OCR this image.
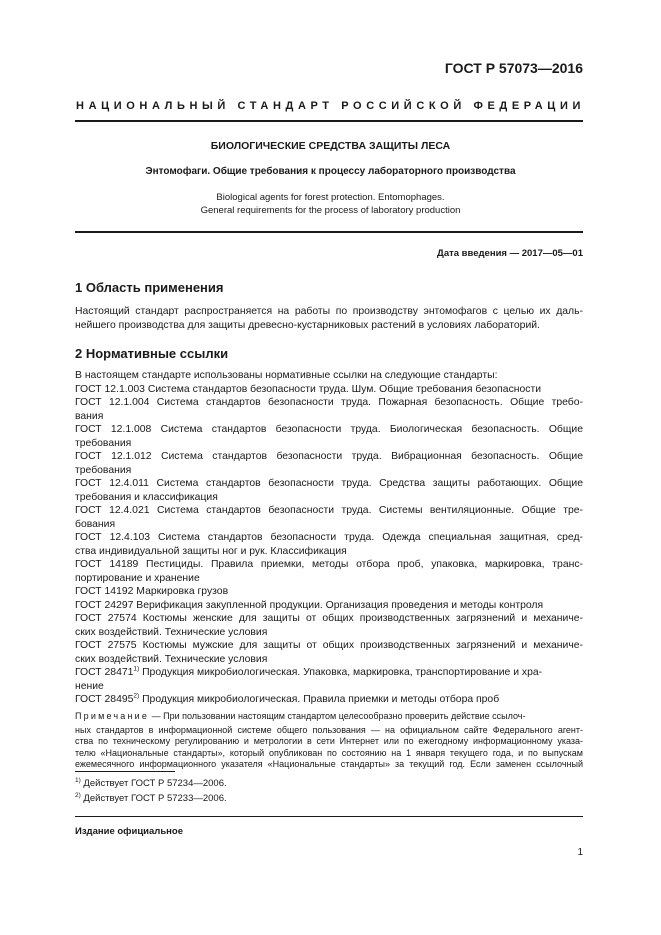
ГОСТ Р 57073—2016
НАЦИОНАЛЬНЫЙ СТАНДАРТ РОССИЙСКОЙ ФЕДЕРАЦИИ
БИОЛОГИЧЕСКИЕ СРЕДСТВА ЗАЩИТЫ ЛЕСА
Энтомофаги. Общие требования к процессу лабораторного производства
Biological agents for forest protection. Entomophages.
General requirements for the process of laboratory production
Дата введения — 2017—05—01
1 Область применения
Настоящий стандарт распространяется на работы по производству энтомофагов с целью их даль-
нейшего производства для защиты древесно-кустарниковых растений в условиях лабораторий.
2 Нормативные ссылки
В настоящем стандарте использованы нормативные ссылки на следующие стандарты:
ГОСТ 12.1.003 Система стандартов безопасности труда. Шум. Общие требования безопасности
ГОСТ 12.1.004 Система стандартов безопасности труда. Пожарная безопасность. Общие требо-
вания
ГОСТ 12.1.008 Система стандартов безопасности труда. Биологическая безопасность. Общие
требования
ГОСТ 12.1.012 Система стандартов безопасности труда. Вибрационная безопасность. Общие
требования
ГОСТ 12.4.011 Система стандартов безопасности труда. Средства защиты работающих. Общие
требования и классификация
ГОСТ 12.4.021 Система стандартов безопасности труда. Системы вентиляционные. Общие тре-
бования
ГОСТ 12.4.103 Система стандартов безопасности труда. Одежда специальная защитная, сред-
ства индивидуальной защиты ног и рук. Классификация
ГОСТ 14189 Пестициды. Правила приемки, методы отбора проб, упаковка, маркировка, транс-
портирование и хранение
ГОСТ 14192 Маркировка грузов
ГОСТ 24297 Верификация закупленной продукции. Организация проведения и методы контроля
ГОСТ 27574 Костюмы женские для защиты от общих производственных загрязнений и механиче-
ских воздействий. Технические условия
ГОСТ 27575 Костюмы мужские для защиты от общих производственных загрязнений и механиче-
ских воздействий. Технические условия
ГОСТ 28471$^{1)}$ Продукция микробиологическая. Упаковка, маркировка, транспортирование и хра-
нение
ГОСТ 28495$^{2)}$ Продукция микробиологическая. Правила приемки и методы отбора проб
Примечание — При пользовании настоящим стандартом целесообразно проверить действие ссылоч-
ных стандартов в информационной системе общего пользования — на официальном сайте Федерального агент-
ства по техническому регулированию и метрологии в сети Интернет или по ежегодному информационному указа-
телю «Национальные стандарты», который опубликован по состоянию на 1 января текущего года, и по выпускам
ежемесячного информационного указателя «Национальные стандарты» за текущий год. Если заменен ссылочный
$^{1)}$ Действует ГОСТ Р 57234—2006.
$^{2)}$ Действует ГОСТ Р 57233—2006.
Издание официальное
1
